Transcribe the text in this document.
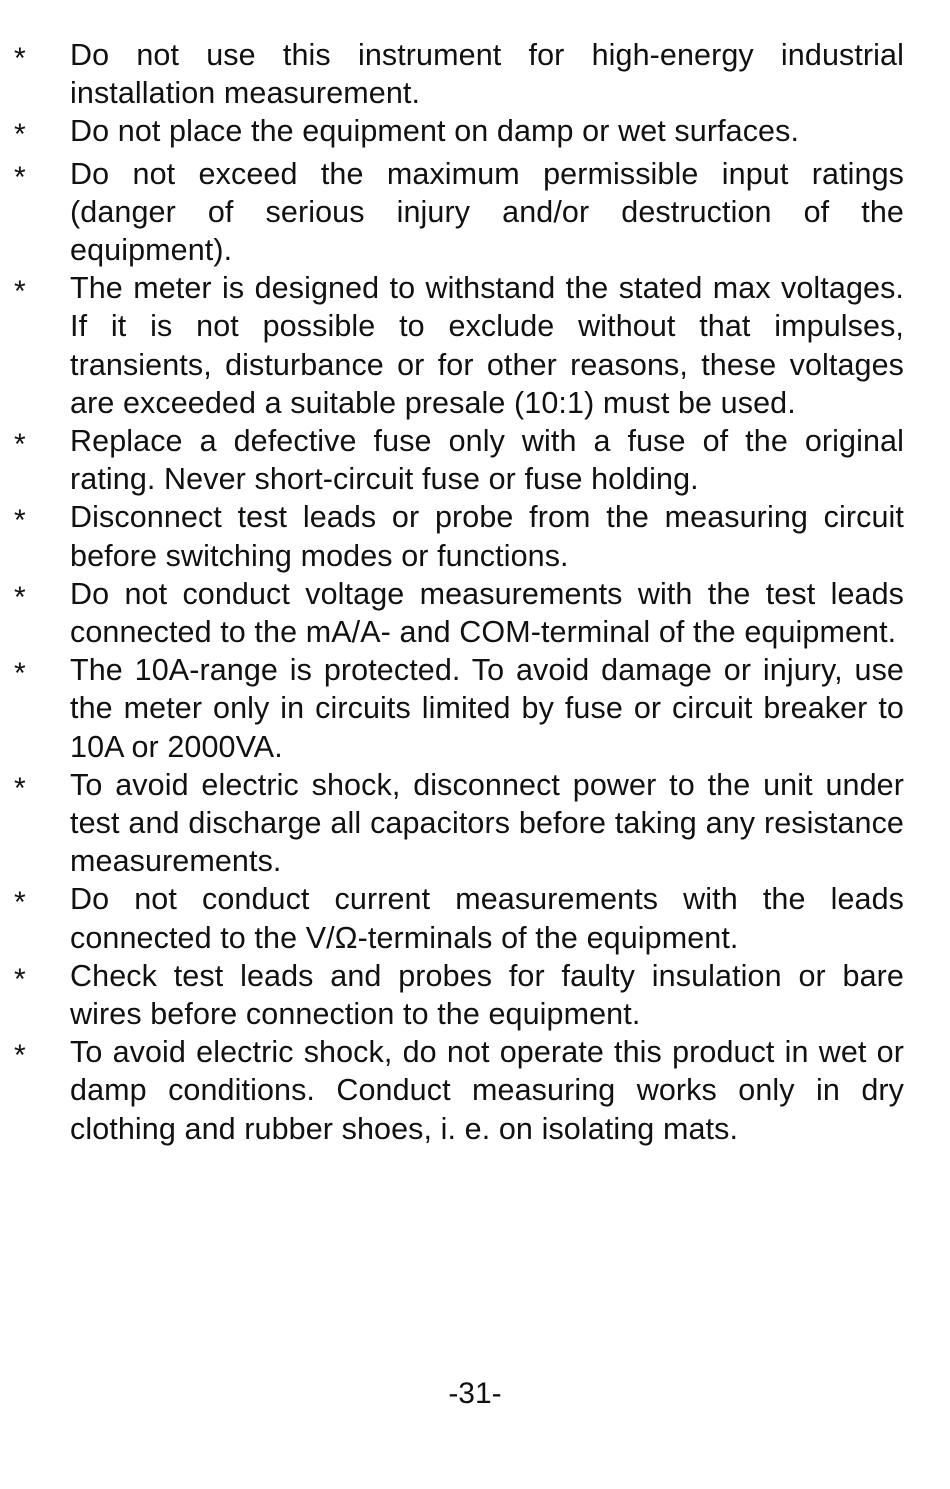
*	Do not use this instrument for high-energy industrial installation measurement.
*	Do not place the equipment on damp or wet surfaces.
*	Do not exceed the maximum permissible input ratings (danger of serious injury and/or destruction of the equipment).
*	The meter is designed to withstand the stated max voltages. If it is not possible to exclude without that impulses, transients, disturbance or for other reasons, these voltages are exceeded a suitable presale (10:1) must be used.
*	Replace a defective fuse only with a fuse of the original rating. Never short-circuit fuse or fuse holding.
*	Disconnect test leads or probe from the measuring circuit before switching modes or functions.
*	Do not conduct voltage measurements with the test leads connected to the mA/A- and COM-terminal of the equipment.
*	The 10A-range is protected. To avoid damage or injury, use the meter only in circuits limited by fuse or circuit breaker to 10A or 2000VA.
*	To avoid electric shock, disconnect power to the unit under test and discharge all capacitors before taking any resistance measurements.
*	Do not conduct current measurements with the leads connected to the V/Ω-terminals of the equipment.
*	Check test leads and probes for faulty insulation or bare wires before connection to the equipment.
*	To avoid electric shock, do not operate this product in wet or damp conditions. Conduct measuring works only in dry clothing and rubber shoes, i. e. on isolating mats.
-31-
